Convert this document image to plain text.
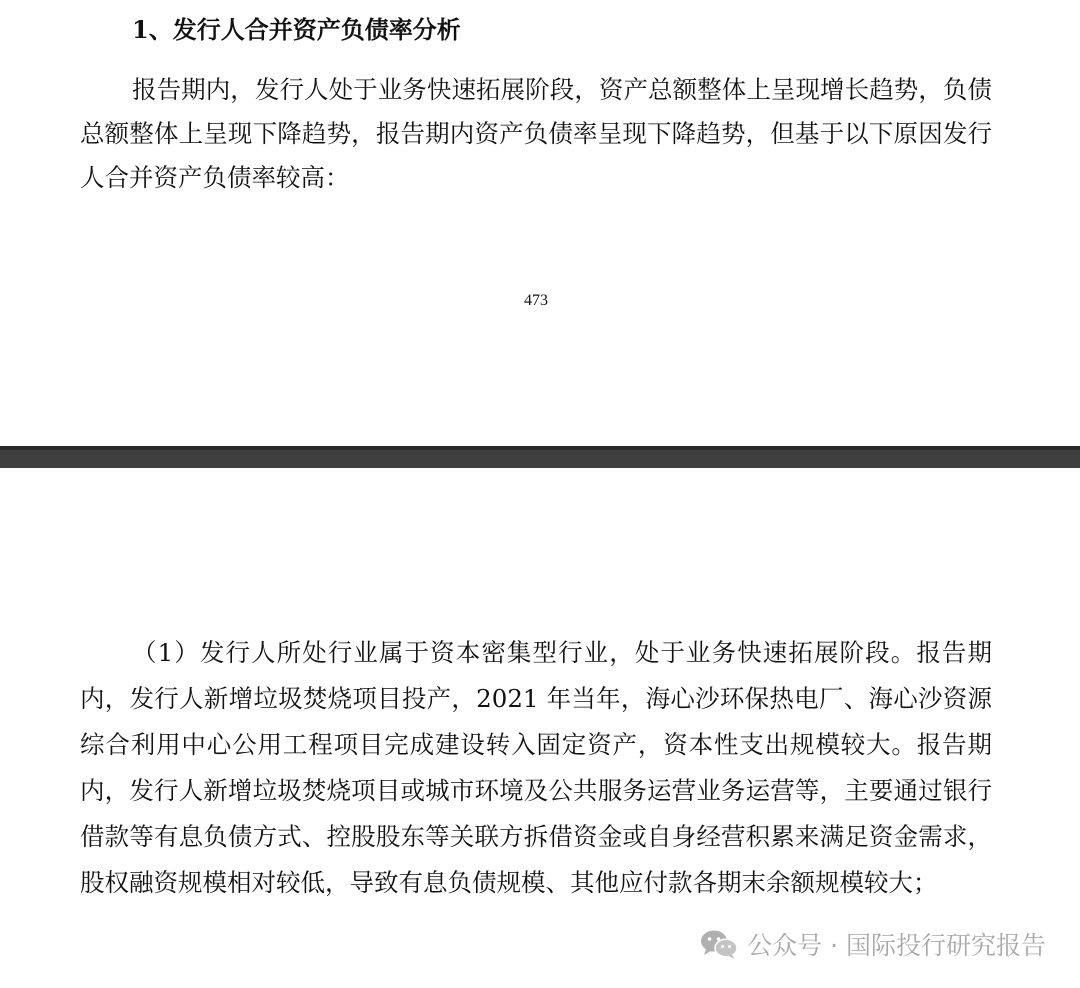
1、发行人合并资产负债率分析

报告期内，发行人处于业务快速拓展阶段，资产总额整体上呈现增长趋势，负债总额整体上呈现下降趋势，报告期内资产负债率呈现下降趋势，但基于以下原因发行人合并资产负债率较高：

473

（1）发行人所处行业属于资本密集型行业，处于业务快速拓展阶段。报告期内，发行人新增垃圾焚烧项目投产，2021 年当年，海心沙环保热电厂、海心沙资源综合利用中心公用工程项目完成建设转入固定资产，资本性支出规模较大。报告期内，发行人新增垃圾焚烧项目或城市环境及公共服务运营业务运营等，主要通过银行借款等有息负债方式、控股股东等关联方拆借资金或自身经营积累来满足资金需求，股权融资规模相对较低，导致有息负债规模、其他应付款各期末余额规模较大；

公众号 · 国际投行研究报告
